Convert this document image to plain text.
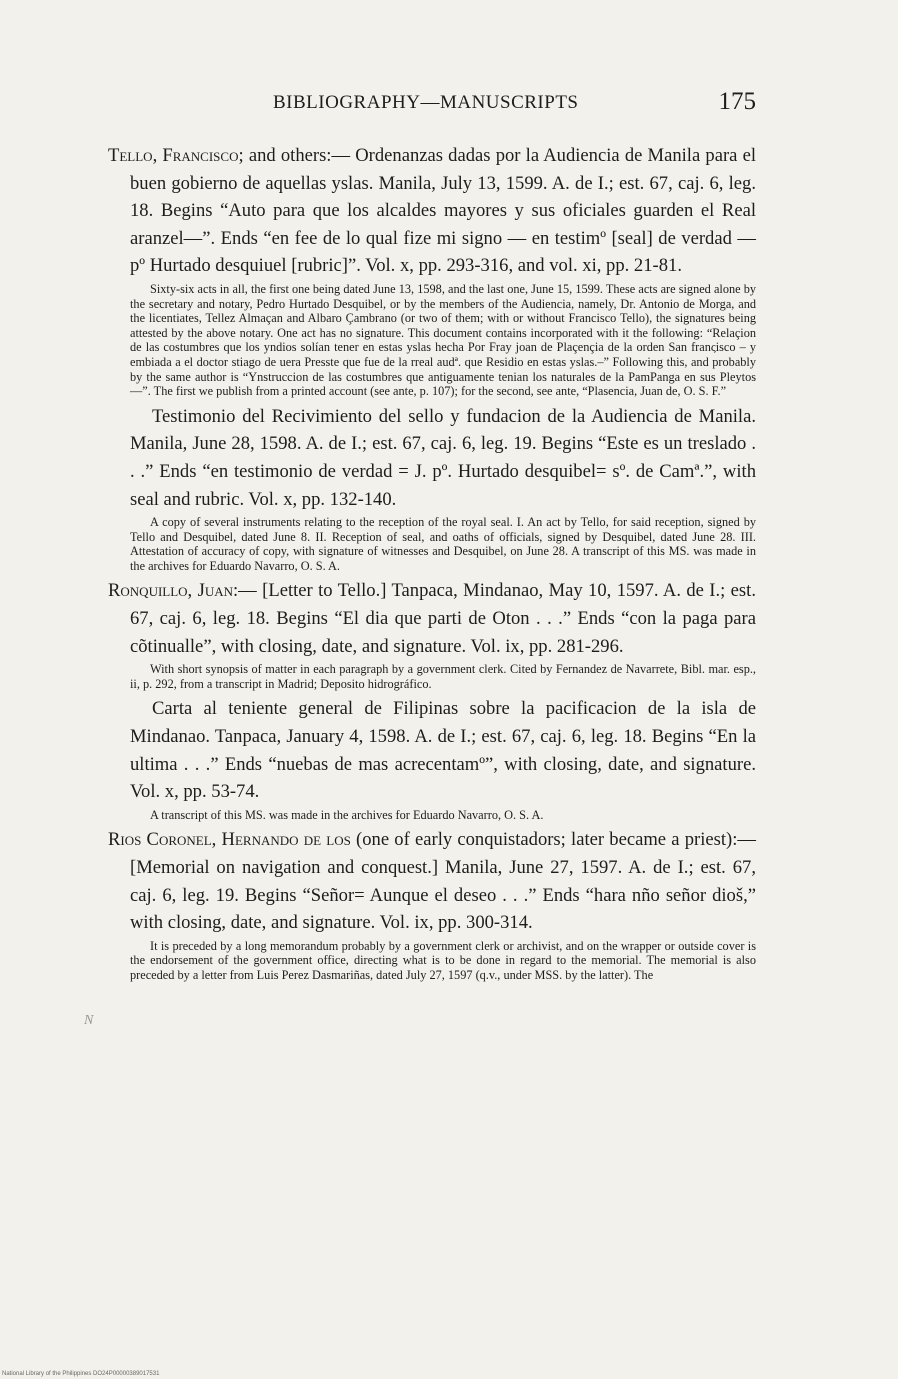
BIBLIOGRAPHY—MANUSCRIPTS	175
N

Tello, Francisco; and others:— Ordenanzas dadas por la Audiencia de Manila para el buen gobierno de aquellas yslas. Manila, July 13, 1599. A. de I.; est. 67, caj. 6, leg. 18. Begins “Auto para que los alcaldes mayores y sus oficiales guarden el Real aranzel—”. Ends “en fee de lo qual fize mi signo — en testimº [seal] de verdad — pº Hurtado desquiuel [rubric]”. Vol. x, pp. 293-316, and vol. xi, pp. 21-81.

Sixty-six acts in all, the first one being dated June 13, 1598, and the last one, June 15, 1599. These acts are signed alone by the secretary and notary, Pedro Hurtado Desquibel, or by the members of the Audiencia, namely, Dr. Antonio de Morga, and the licentiates, Tellez Almaçan and Albaro Çambrano (or two of them; with or without Francisco Tello), the signatures being attested by the above notary. One act has no signature. This document contains incorporated with it the following: “Relaçion de las costumbres que los yndios solían tener en estas yslas hecha Por Fray joan de Plaçençia de la orden San franςisco – y embiada a el doctor stiago de uera Presste que fue de la rreal audª. que Residio en estas yslas.–” Following this, and probably by the same author is “Ynstruccion de las costumbres que antiguamente tenian los naturales de la PamPanga en sus Pleytos —”. The first we publish from a printed account (see ante, p. 107); for the second, see ante, “Plasencia, Juan de, O. S. F.”

Testimonio del Recivimiento del sello y fundacion de la Audiencia de Manila. Manila, June 28, 1598. A. de I.; est. 67, caj. 6, leg. 19. Begins “Este es un treslado . . .” Ends “en testimonio de verdad = J. pº. Hurtado desquibel= sº. de Camª.”, with seal and rubric. Vol. x, pp. 132-140.

A copy of several instruments relating to the reception of the royal seal. I. An act by Tello, for said reception, signed by Tello and Desquibel, dated June 8. II. Reception of seal, and oaths of officials, signed by Desquibel, dated June 28. III. Attestation of accuracy of copy, with signature of witnesses and Desquibel, on June 28. A transcript of this MS. was made in the archives for Eduardo Navarro, O. S. A.

Ronquillo, Juan:— [Letter to Tello.] Tanpaca, Mindanao, May 10, 1597. A. de I.; est. 67, caj. 6, leg. 18. Begins “El dia que parti de Oton . . .” Ends “con la paga para cõtinualle”, with closing, date, and signature. Vol. ix, pp. 281-296.

With short synopsis of matter in each paragraph by a government clerk. Cited by Fernandez de Navarrete, Bibl. mar. esp., ii, p. 292, from a transcript in Madrid; Deposito hidrográfico.

Carta al teniente general de Filipinas sobre la pacificacion de la isla de Mindanao. Tanpaca, January 4, 1598. A. de I.; est. 67, caj. 6, leg. 18. Begins “En la ultima . . .” Ends “nuebas de mas acrecentamº”, with closing, date, and signature. Vol. x, pp. 53-74.

A transcript of this MS. was made in the archives for Eduardo Navarro, O. S. A.

Rios Coronel, Hernando de los (one of early conquistadors; later became a priest):— [Memorial on navigation and conquest.] Manila, June 27, 1597. A. de I.; est. 67, caj. 6, leg. 19. Begins “Señor= Aunque el deseo . . .” Ends “hara nño señor dioš,” with closing, date, and signature. Vol. ix, pp. 300-314.

It is preceded by a long memorandum probably by a government clerk or archivist, and on the wrapper or outside cover is the endorsement of the government office, directing what is to be done in regard to the memorial. The memorial is also preceded by a letter from Luis Perez Dasmariñas, dated July 27, 1597 (q.v., under MSS. by the latter). The

National Library of the Philippines DO24P00000389017531
